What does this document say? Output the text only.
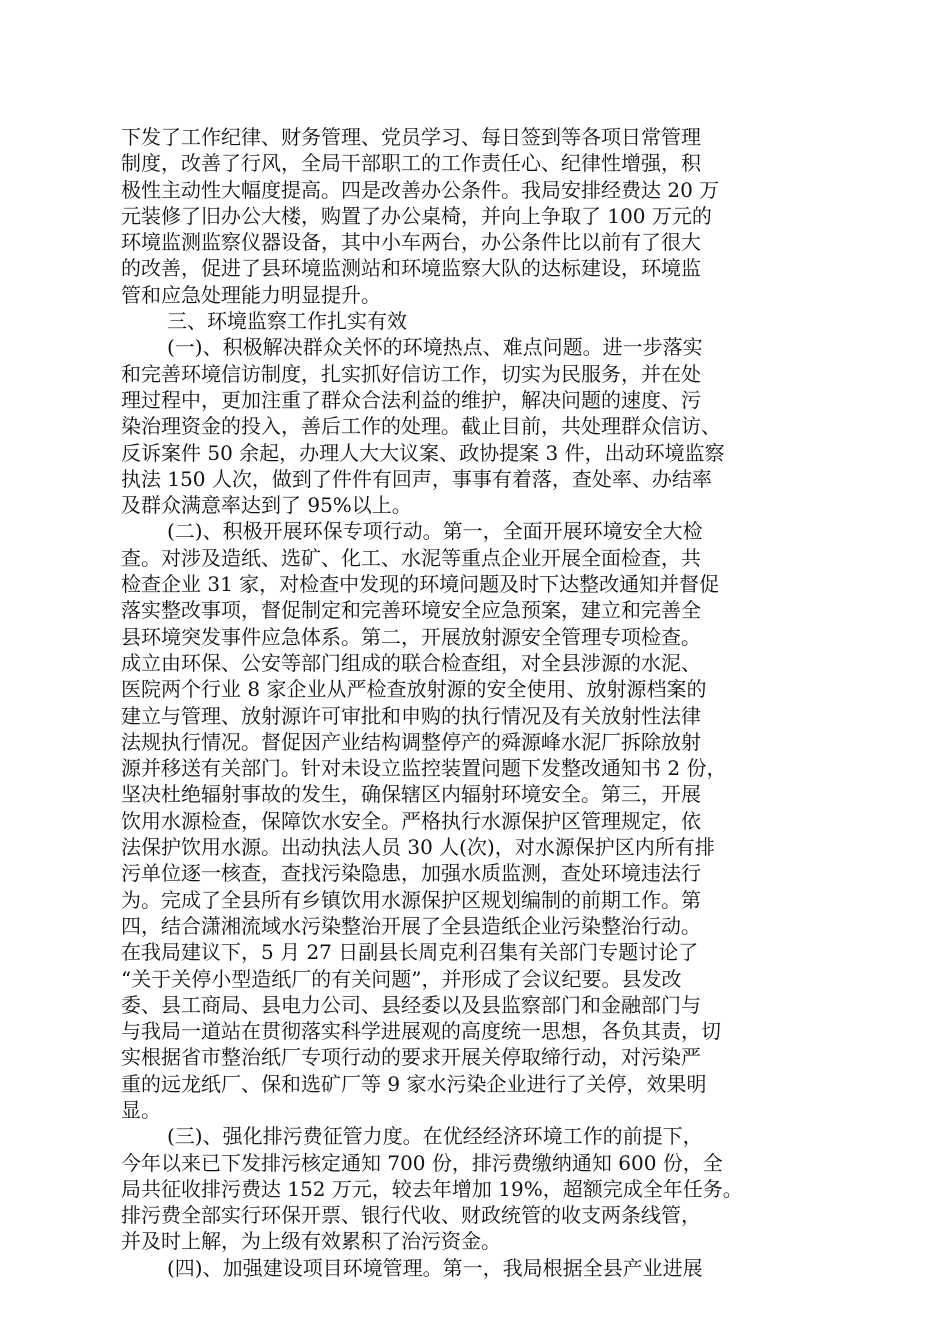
下发了工作纪律、财务管理、党员学习、每日签到等各项日常管理
制度，改善了行风，全局干部职工的工作责任心、纪律性增强，积
极性主动性大幅度提高。四是改善办公条件。我局安排经费达 20 万
元装修了旧办公大楼，购置了办公桌椅，并向上争取了 100 万元的
环境监测监察仪器设备，其中小车两台，办公条件比以前有了很大
的改善，促进了县环境监测站和环境监察大队的达标建设，环境监
管和应急处理能力明显提升。
三、环境监察工作扎实有效
(一)、积极解决群众关怀的环境热点、难点问题。进一步落实
和完善环境信访制度，扎实抓好信访工作，切实为民服务，并在处
理过程中，更加注重了群众合法利益的维护，解决问题的速度、污
染治理资金的投入，善后工作的处理。截止目前，共处理群众信访、
反诉案件 50 余起，办理人大大议案、政协提案 3 件，出动环境监察
执法 150 人次，做到了件件有回声，事事有着落，查处率、办结率
及群众满意率达到了 95%以上。
(二)、积极开展环保专项行动。第一，全面开展环境安全大检
查。对涉及造纸、选矿、化工、水泥等重点企业开展全面检查，共
检查企业 31 家，对检查中发现的环境问题及时下达整改通知并督促
落实整改事项，督促制定和完善环境安全应急预案，建立和完善全
县环境突发事件应急体系。第二，开展放射源安全管理专项检查。
成立由环保、公安等部门组成的联合检查组，对全县涉源的水泥、
医院两个行业 8 家企业从严检查放射源的安全使用、放射源档案的
建立与管理、放射源许可审批和申购的执行情况及有关放射性法律
法规执行情况。督促因产业结构调整停产的舜源峰水泥厂拆除放射
源并移送有关部门。针对未设立监控装置问题下发整改通知书 2 份，
坚决杜绝辐射事故的发生，确保辖区内辐射环境安全。第三，开展
饮用水源检查，保障饮水安全。严格执行水源保护区管理规定，依
法保护饮用水源。出动执法人员 30 人(次)，对水源保护区内所有排
污单位逐一核查，查找污染隐患，加强水质监测，查处环境违法行
为。完成了全县所有乡镇饮用水源保护区规划编制的前期工作。第
四，结合潇湘流域水污染整治开展了全县造纸企业污染整治行动。
在我局建议下，5 月 27 日副县长周克利召集有关部门专题讨论了
“关于关停小型造纸厂的有关问题”，并形成了会议纪要。县发改
委、县工商局、县电力公司、县经委以及县监察部门和金融部门与
与我局一道站在贯彻落实科学进展观的高度统一思想，各负其责，切
实根据省市整治纸厂专项行动的要求开展关停取缔行动，对污染严
重的远龙纸厂、保和选矿厂等 9 家水污染企业进行了关停，效果明
显。
(三)、强化排污费征管力度。在优经经济环境工作的前提下，
今年以来已下发排污核定通知 700 份，排污费缴纳通知 600 份，全
局共征收排污费达 152 万元，较去年增加 19%，超额完成全年任务。
排污费全部实行环保开票、银行代收、财政统管的收支两条线管，
并及时上解，为上级有效累积了治污资金。
(四)、加强建设项目环境管理。第一，我局根据全县产业进展
